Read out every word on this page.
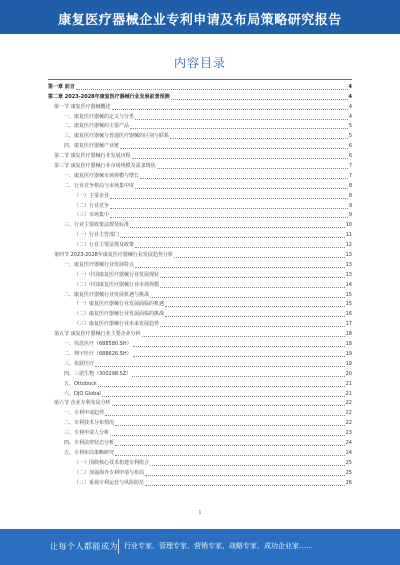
康复医疗器械企业专利申请及布局策略研究报告
内容目录
第一章 前言	4
第二章 2023-2028年康复医疗器械行业发展前景预测	4
第一节 康复医疗器械概述	4
一、康复医疗器械的定义与分类	4
二、康复医疗器械的主要产品	5
三、康复医疗器械与普通医疗器械的区别与联系	5
四、康复医疗器械产业链	6
第二节 康复医疗器械行业发展历程	6
第三节 康复医疗器械行业市场规模及需求现状	7
一、康复医疗器械市场规模与增长	7
二、行业竞争格局与市场集中度	8
（一）主要企业	8
（二）行业竞争	9
（三）市场集中	9
三、行业主要政策法规及标准	10
（一）行业主管部门	11
（二）行业主要法规及政策	12
第四节 2023-2028年康复医疗器械行业发展趋势分析	13
一、康复医疗器械行业发展特点	13
（一）中国康复医疗器械行业发展现状	13
（二）中国康复医疗器械行业市场规模	14
二、康复医疗器械行业发展机遇与挑战	15
（一）康复医疗器械行业发展面临的机遇	15
（二）康复医疗器械行业发展面临的挑战	16
（三）康复医疗器械行业未来发展趋势	17
第五节 康复医疗器械行业主要企业分析	18
一、伟思医疗（688580.SH）	18
二、翔宇医疗（688626.SH）	19
三、鱼跃医疗	19
四、三诺生物（300298.SZ）	20
五、Ottobock	21
六、DJO Global	21
第六节 企业专利布局分析	22
一、专利申请趋势	22
二、专利技术分布情况	22
三、专利申请人分析	23
四、专利法律状态分析	24
五、专利布局策略研究	24
（一）围绕核心技术构建专利组合	25
（二）加强海外专利申请与布局	25
（三）重视专利运营与风险防范	26
1
让每个人都能成为 行业专家、管理专家、营销专家、战略专家、成功企业家……
